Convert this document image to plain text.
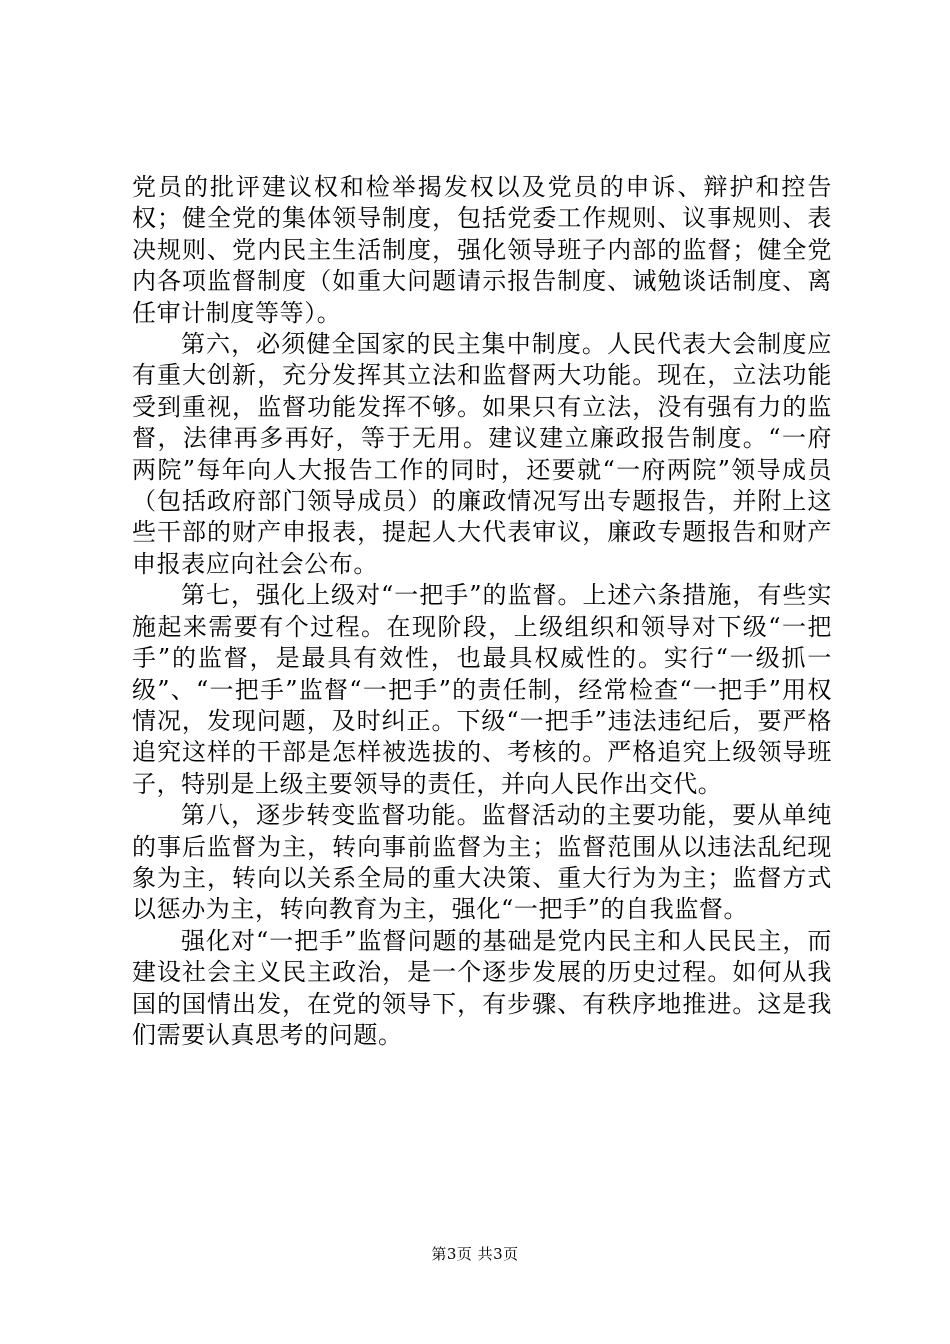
党员的批评建议权和检举揭发权以及党员的申诉、辩护和控告权；健全党的集体领导制度，包括党委工作规则、议事规则、表决规则、党内民主生活制度，强化领导班子内部的监督；健全党内各项监督制度（如重大问题请示报告制度、诫勉谈话制度、离任审计制度等等）。

第六，必须健全国家的民主集中制度。人民代表大会制度应有重大创新，充分发挥其立法和监督两大功能。现在，立法功能受到重视，监督功能发挥不够。如果只有立法，没有强有力的监督，法律再多再好，等于无用。建议建立廉政报告制度。“一府两院”每年向人大报告工作的同时，还要就“一府两院”领导成员（包括政府部门领导成员）的廉政情况写出专题报告，并附上这些干部的财产申报表，提起人大代表审议，廉政专题报告和财产申报表应向社会公布。

第七，强化上级对“一把手”的监督。上述六条措施，有些实施起来需要有个过程。在现阶段，上级组织和领导对下级“一把手”的监督，是最具有效性，也最具权威性的。实行“一级抓一级”、“一把手”监督“一把手”的责任制，经常检查“一把手”用权情况，发现问题，及时纠正。下级“一把手”违法违纪后，要严格追究这样的干部是怎样被选拔的、考核的。严格追究上级领导班子，特别是上级主要领导的责任，并向人民作出交代。

第八，逐步转变监督功能。监督活动的主要功能，要从单纯的事后监督为主，转向事前监督为主；监督范围从以违法乱纪现象为主，转向以关系全局的重大决策、重大行为为主；监督方式以惩办为主，转向教育为主，强化“一把手”的自我监督。

强化对“一把手”监督问题的基础是党内民主和人民民主，而建设社会主义民主政治，是一个逐步发展的历史过程。如何从我国的国情出发，在党的领导下，有步骤、有秩序地推进。这是我们需要认真思考的问题。

第3页 共3页
